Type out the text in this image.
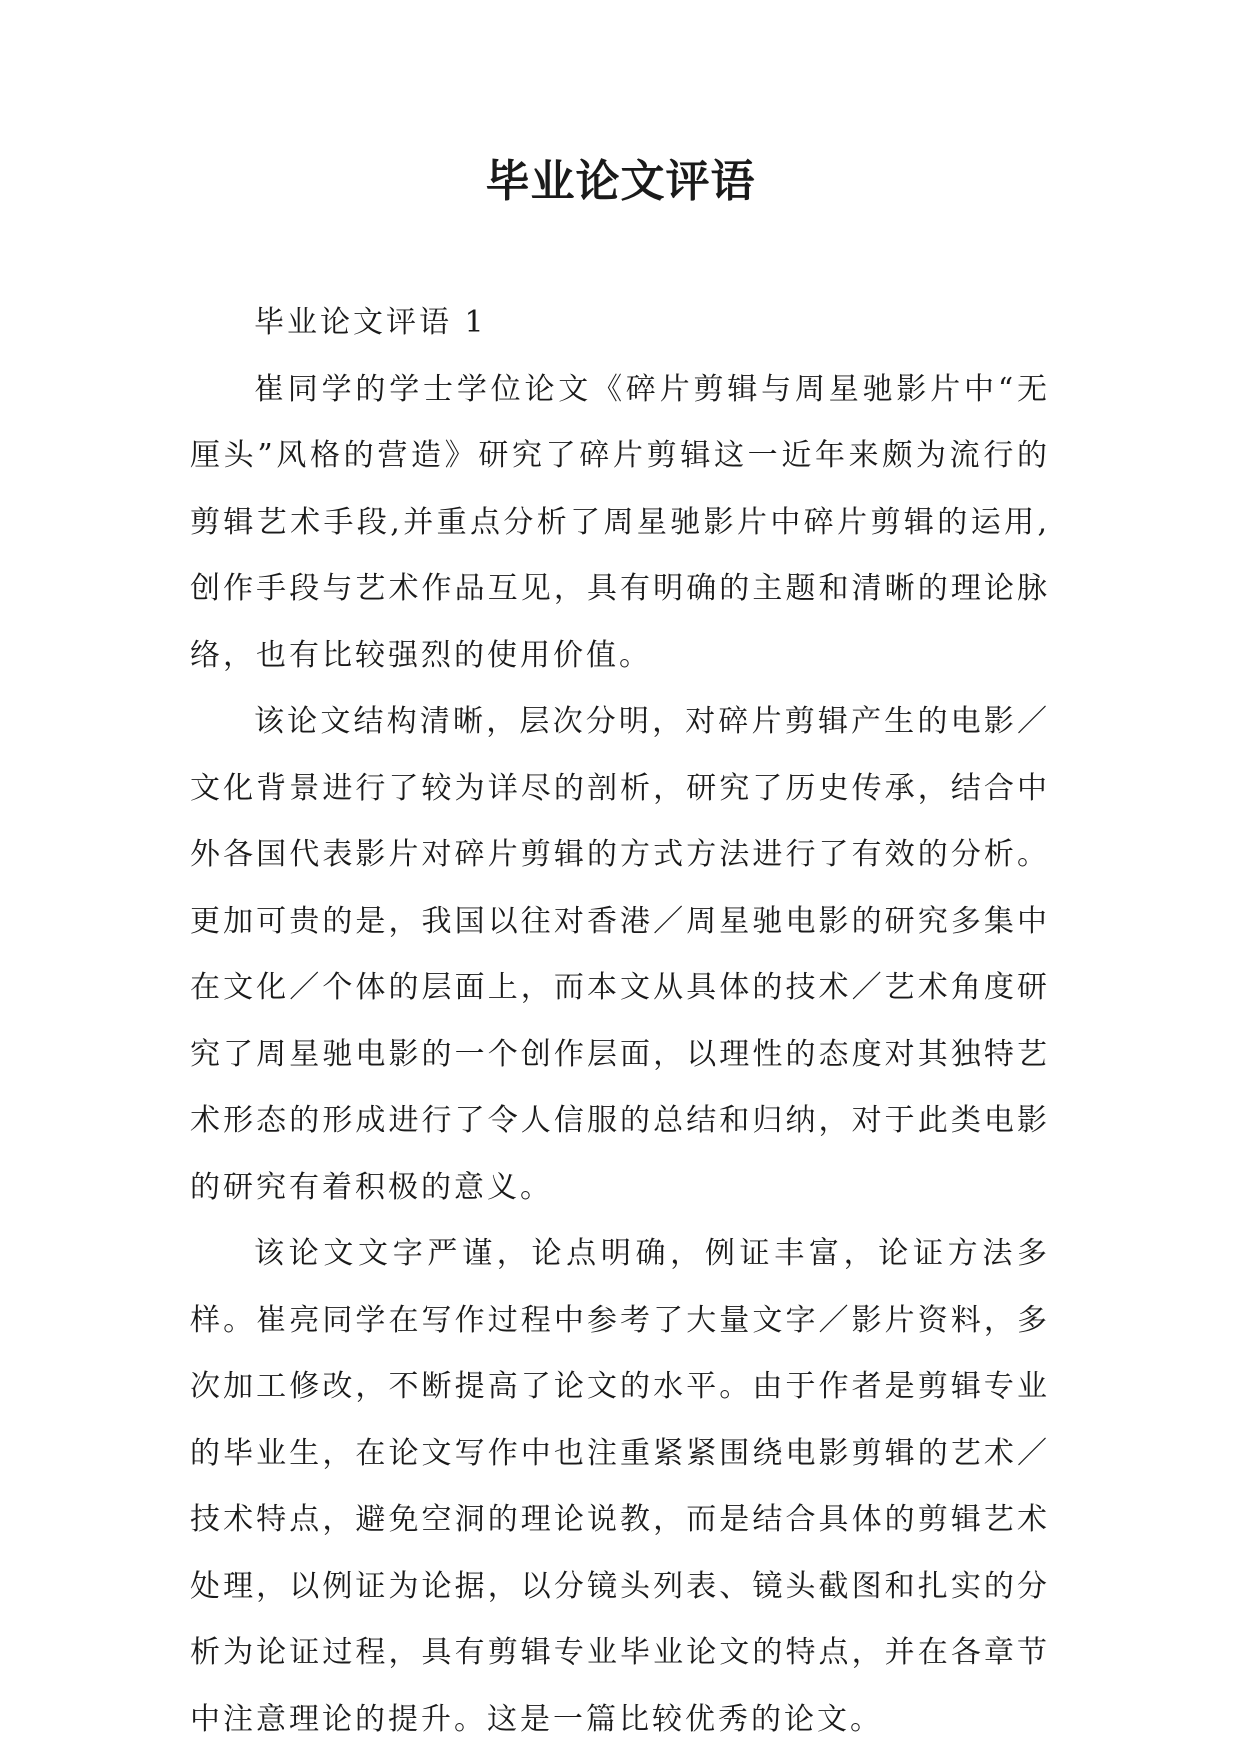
毕业论文评语

毕业论文评语 1

崔同学的学士学位论文《碎片剪辑与周星驰影片中“无厘头”风格的营造》研究了碎片剪辑这一近年来颇为流行的剪辑艺术手段,并重点分析了周星驰影片中碎片剪辑的运用,创作手段与艺术作品互见，具有明确的主题和清晰的理论脉络，也有比较强烈的使用价值。

该论文结构清晰，层次分明，对碎片剪辑产生的电影／文化背景进行了较为详尽的剖析，研究了历史传承，结合中外各国代表影片对碎片剪辑的方式方法进行了有效的分析。更加可贵的是，我国以往对香港／周星驰电影的研究多集中在文化／个体的层面上，而本文从具体的技术／艺术角度研究了周星驰电影的一个创作层面，以理性的态度对其独特艺术形态的形成进行了令人信服的总结和归纳，对于此类电影的研究有着积极的意义。

该论文文字严谨，论点明确，例证丰富，论证方法多样。崔亮同学在写作过程中参考了大量文字／影片资料，多次加工修改，不断提高了论文的水平。由于作者是剪辑专业的毕业生，在论文写作中也注重紧紧围绕电影剪辑的艺术／技术特点，避免空洞的理论说教，而是结合具体的剪辑艺术处理，以例证为论据，以分镜头列表、镜头截图和扎实的分析为论证过程，具有剪辑专业毕业论文的特点，并在各章节中注意理论的提升。这是一篇比较优秀的论文。
